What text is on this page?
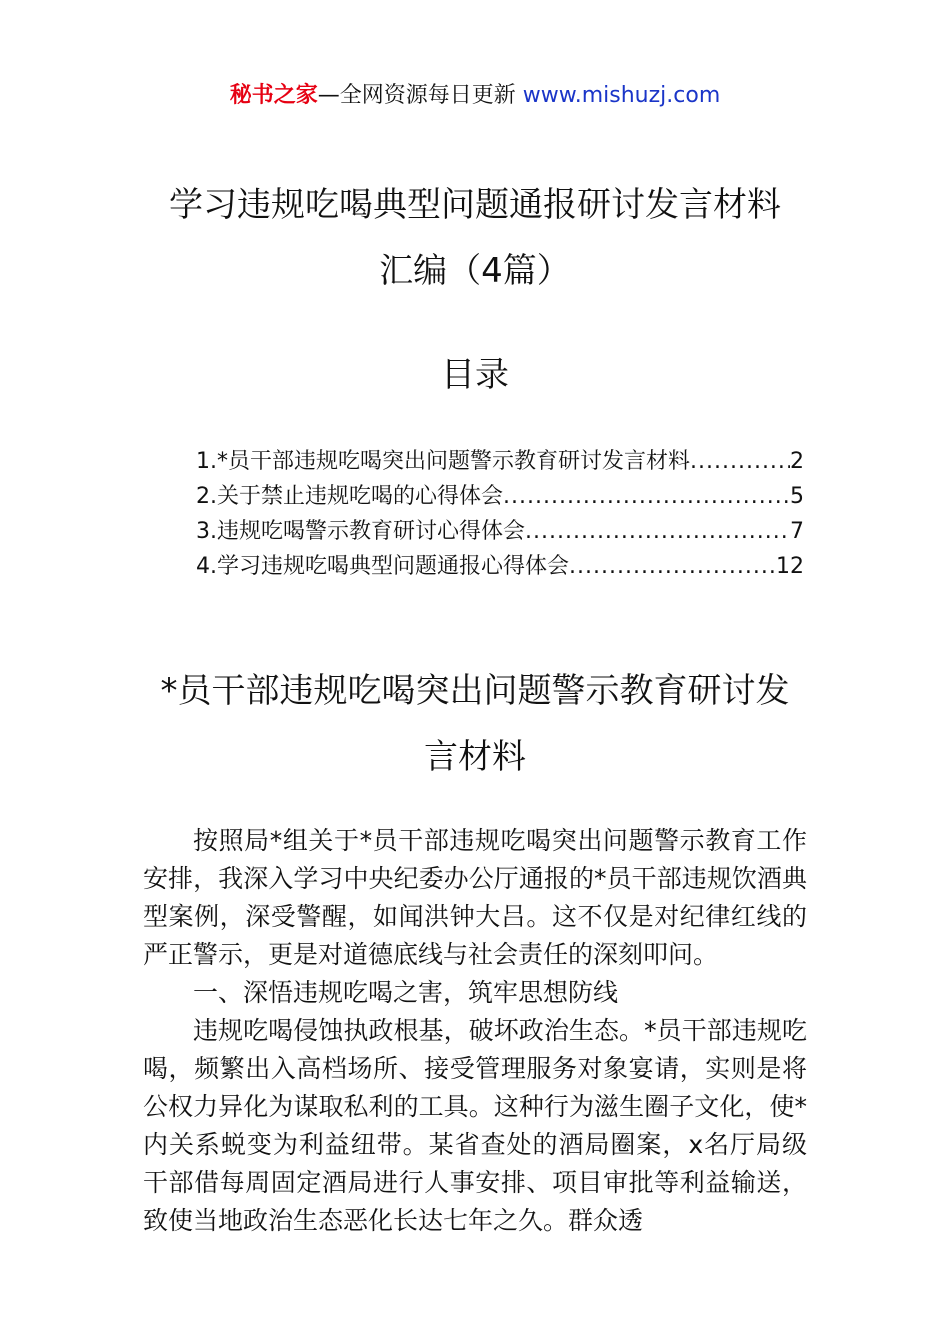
秘书之家—全网资源每日更新 www.mishuzj.com
学习违规吃喝典型问题通报研讨发言材料
汇编（4篇）
目录
1.*员干部违规吃喝突出问题警示教育研讨发言材料 .....	2
2.关于禁止违规吃喝的心得体会 .....	5
3.违规吃喝警示教育研讨心得体会 .....	7
4.学习违规吃喝典型问题通报心得体会 .....	12
*员干部违规吃喝突出问题警示教育研讨发
言材料

按照局*组关于*员干部违规吃喝突出问题警示教育工作安排，我深入学习中央纪委办公厅通报的*员干部违规饮酒典型案例，深受警醒，如闻洪钟大吕。这不仅是对纪律红线的严正警示，更是对道德底线与社会责任的深刻叩问。

一、深悟违规吃喝之害，筑牢思想防线

违规吃喝侵蚀执政根基，破坏政治生态。*员干部违规吃喝，频繁出入高档场所、接受管理服务对象宴请，实则是将公权力异化为谋取私利的工具。这种行为滋生圈子文化，使*内关系蜕变为利益纽带。某省查处的酒局圈案，x名厅局级干部借每周固定酒局进行人事安排、项目审批等利益输送，致使当地政治生态恶化长达七年之久。群众透
